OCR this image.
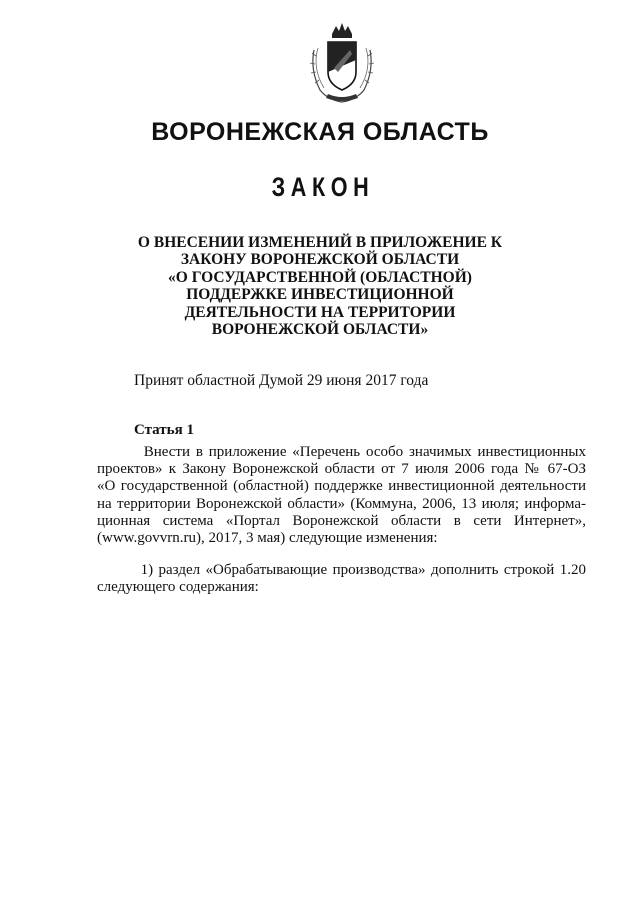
ВОРОНЕЖСКАЯ ОБЛАСТЬ
ЗАКОН
О ВНЕСЕНИИ ИЗМЕНЕНИЙ В ПРИЛОЖЕНИЕ К
ЗАКОНУ ВОРОНЕЖСКОЙ ОБЛАСТИ
«О ГОСУДАРСТВЕННОЙ (ОБЛАСТНОЙ)
ПОДДЕРЖКЕ ИНВЕСТИЦИОННОЙ
ДЕЯТЕЛЬНОСТИ НА ТЕРРИТОРИИ
ВОРОНЕЖСКОЙ ОБЛАСТИ»
Принят областной Думой 29 июня 2017 года
Статья 1
Внести в приложение «Перечень особо значимых инвестиционных
проектов» к Закону Воронежской области от 7 июля 2006 года № 67-ОЗ
«О государственной (областной) поддержке инвестиционной деятельности
на территории Воронежской области» (Коммуна, 2006, 13 июля; информа-
ционная система «Портал Воронежской области в сети Интернет»,
(www.govvrn.ru), 2017, 3 мая) следующие изменения:
1) раздел «Обрабатывающие производства» дополнить строкой 1.20
следующего содержания:
